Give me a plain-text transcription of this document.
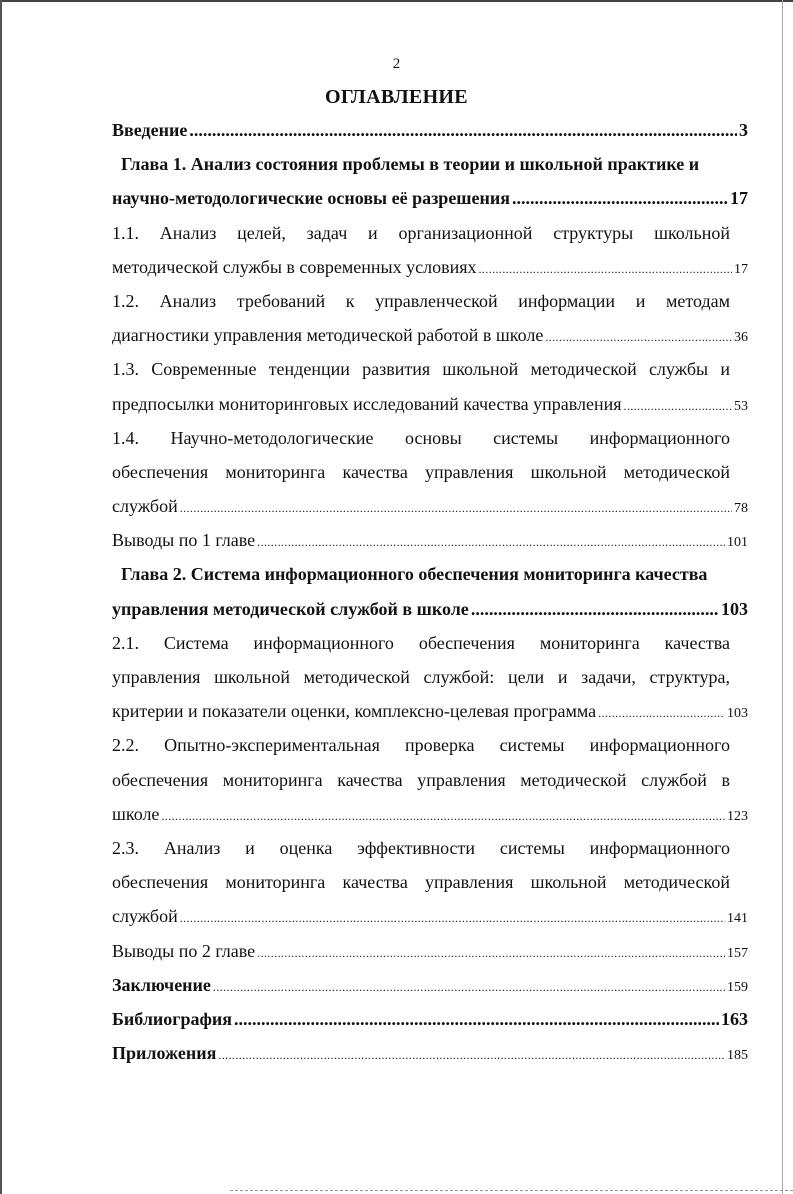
2
ОГЛАВЛЕНИЕ
Введение .....	3
Глава 1. Анализ состояния проблемы в теории и школьной практике и
научно-методологические основы её разрешения .....	17
1.1. Анализ целей, задач и организационной структуры школьной
методической службы в современных условиях .....	17
1.2. Анализ требований к управленческой информации и методам
диагностики управления методической работой в школе .....	36
1.3. Современные тенденции развития школьной методической службы и
предпосылки мониторинговых исследований качества управления .....	53
1.4. Научно-методологические основы системы информационного
обеспечения мониторинга качества управления школьной методической
службой .....	78
Выводы по 1 главе .....	101
Глава 2. Система информационного обеспечения мониторинга качества
управления методической службой в школе .....	103
2.1. Система информационного обеспечения мониторинга качества
управления школьной методической службой: цели и задачи, структура,
критерии и показатели оценки, комплексно-целевая программа .....	103
2.2. Опытно-экспериментальная проверка системы информационного
обеспечения мониторинга качества управления методической службой в
школе .....	123
2.3. Анализ и оценка эффективности системы информационного
обеспечения мониторинга качества управления школьной методической
службой .....	141
Выводы по 2 главе .....	157
Заключение .....	159
Библиография .....	163
Приложения .....	185
